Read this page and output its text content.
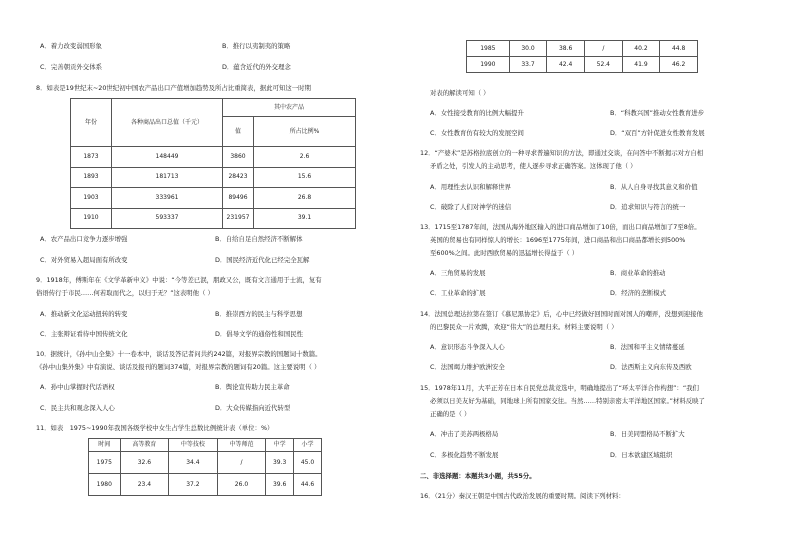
A．着力改变弱国形象	B．推行以夷制夷的策略
C．完善朝贡外交体系	D．蕴含近代的外交理念
8．如表是19世纪末~20世纪初中国农产品出口产值增加趋势及所占比重简表，据此可知这一时期
年份	各种商品出口总值（千元）	其中农产品	
		值	所占比例%
1873	148449	3860	2.6
1893	181713	28423	15.6
1903	333961	89496	26.8
1910	593337	231957	39.1
A．农产品出口竞争力逐步增强	B．自给自足自然经济不断解体
C．对外贸易入超局面有所改变	D．国民经济近代化已经完全瓦解
9．1918年，傅斯年在《文学革新申义》中说：“今等差已泯，朋政又公，既有文言通用于士流，复有
俗语传行于市民……何若取而代之，以归于无？”这表明他（ ）
A．推动新文化运动扭转的转变	B．推崇西方的民主与科学思想
C．主张辩证看待中国传统文化	D．倡导文学的通俗性和国民性
10．据统计，《孙中山全集》十一卷本中，谈话及答记者问共约242篇，对报界宗教的国题词十数篇。
《孙中山集外集》中有演说、谈话及报刊的题词374篇，对报界宗教的题词有20篇。这主要说明（ ）
A．孙中山掌握时代话语权	B．舆论宣传助力民主革命
C．民主共和观念深入人心	D．大众传媒指向近代转型
11．如表　1975~1990年我国各级学校中女生占学生总数比例统计表（单位：%）
时间	高等教育	中等技校	中等师范	中学	小学
1975	32.6	34.4	/	39.3	45.0
1980	23.4	37.2	26.0	39.6	44.6
1985	30.0	38.6	/	40.2	44.8
1990	33.7	42.4	52.4	41.9	46.2
对表的解读可知（ ）
A．女性接受教育的比例大幅提升	B．“科教兴国”推动女性教育进步
C．女性教育仿有较大的发展空间	D．“双百”方针促进女性教育发展
12．“产婆术”是苏格拉底创立的一种寻求普遍知识的方法，即通过交谈，在问答中不断揭示对方自相
矛盾之处，引发人的主动思考，使人逐步寻求正确答案。这体现了他（ ）
A．用理性去认识和解释世界	B．从人自身寻找其意义和价值
C．破除了人们对神学的迷信	D．追求知识与符言的统一
13．1715至1787年间，法国从海外地区输入的进口商品增加了10倍，而出口商品增加了7至8倍。
英国的贸易也有同样惊人的增长：1696至1775年间，进口商品和出口商品都增长到500%
至600%之间。此时西欧贸易的迅猛增长得益于（ ）
A．三角贸易的发展	B．商业革命的推动
C．工业革命的扩展	D．经济的垄断模式
14．法国总理达拉第在签订《慕尼黑协定》后，心中已经做好回国时面对国人的嘲弄，没想到迎接他
的巴黎民众一片欢腾，欢迎“伟大”的总理归来。材料主要说明（ ）
A．意识形态斗争深入人心	B．法国和平主义情绪蔓延
C．法国竭力维护欧洲安全	D．法西斯主义向东传及西欧
15．1978年11月，大平正芳在日本自民党总裁竞选中，明确地提出了“环太平洋合作构想”：“我们
必须以日美友好为基础，同地球上所有国家交往。当然……特别亲密太平洋地区国家。”材料反映了
正确的是（ ）
A．冲击了美苏两极格局	B．日美同盟格局不断扩大
C．多极化趋势不断发展	D．日本欲建区域组织
二、非选择题：本题共3小题，共55分。
16．（21分）秦汉王朝是中国古代政治发展的重要时期。阅读下列材料：
